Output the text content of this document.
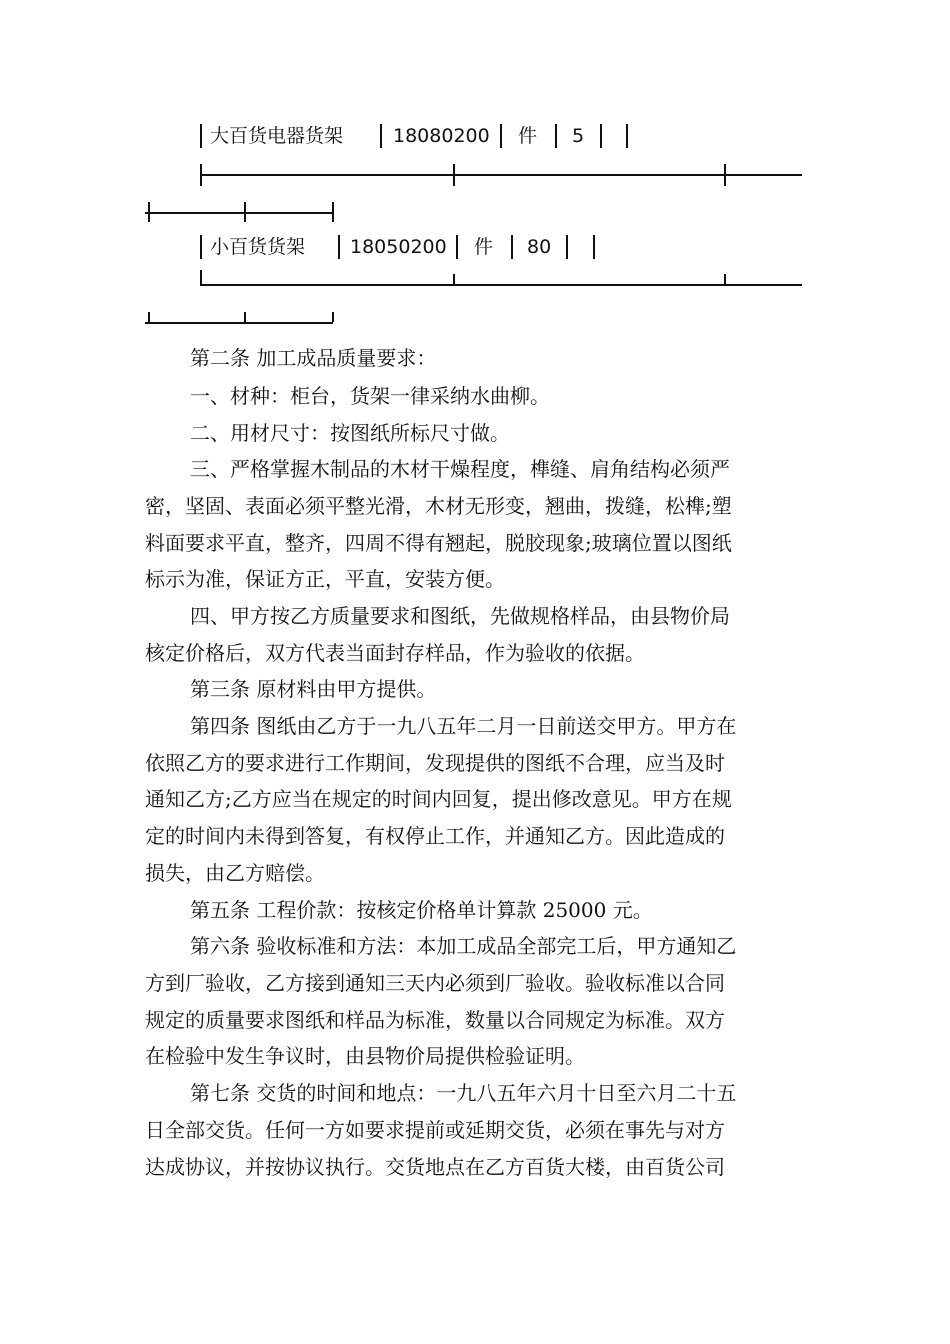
大百货电器货架	18080200 件 5
小百货货架 18050200 件 80
第二条 加工成品质量要求：
一、材种：柜台，货架一律采纳水曲柳。
二、用材尺寸：按图纸所标尺寸做。
三、严格掌握木制品的木材干燥程度，榫缝、肩角结构必须严
密，坚固、表面必须平整光滑，木材无形变，翘曲，拨缝，松榫;塑
料面要求平直，整齐，四周不得有翘起，脱胶现象;玻璃位置以图纸
标示为准，保证方正，平直，安装方便。
四、甲方按乙方质量要求和图纸，先做规格样品，由县物价局
核定价格后，双方代表当面封存样品，作为验收的依据。
第三条 原材料由甲方提供。
第四条 图纸由乙方于一九八五年二月一日前送交甲方。甲方在
依照乙方的要求进行工作期间，发现提供的图纸不合理，应当及时
通知乙方;乙方应当在规定的时间内回复，提出修改意见。甲方在规
定的时间内未得到答复，有权停止工作，并通知乙方。因此造成的
损失，由乙方赔偿。
第五条 工程价款：按核定价格单计算款 25000 元。
第六条 验收标准和方法：本加工成品全部完工后，甲方通知乙
方到厂验收，乙方接到通知三天内必须到厂验收。验收标准以合同
规定的质量要求图纸和样品为标准，数量以合同规定为标准。双方
在检验中发生争议时，由县物价局提供检验证明。
第七条 交货的时间和地点：一九八五年六月十日至六月二十五
日全部交货。任何一方如要求提前或延期交货，必须在事先与对方
达成协议，并按协议执行。交货地点在乙方百货大楼，由百货公司
